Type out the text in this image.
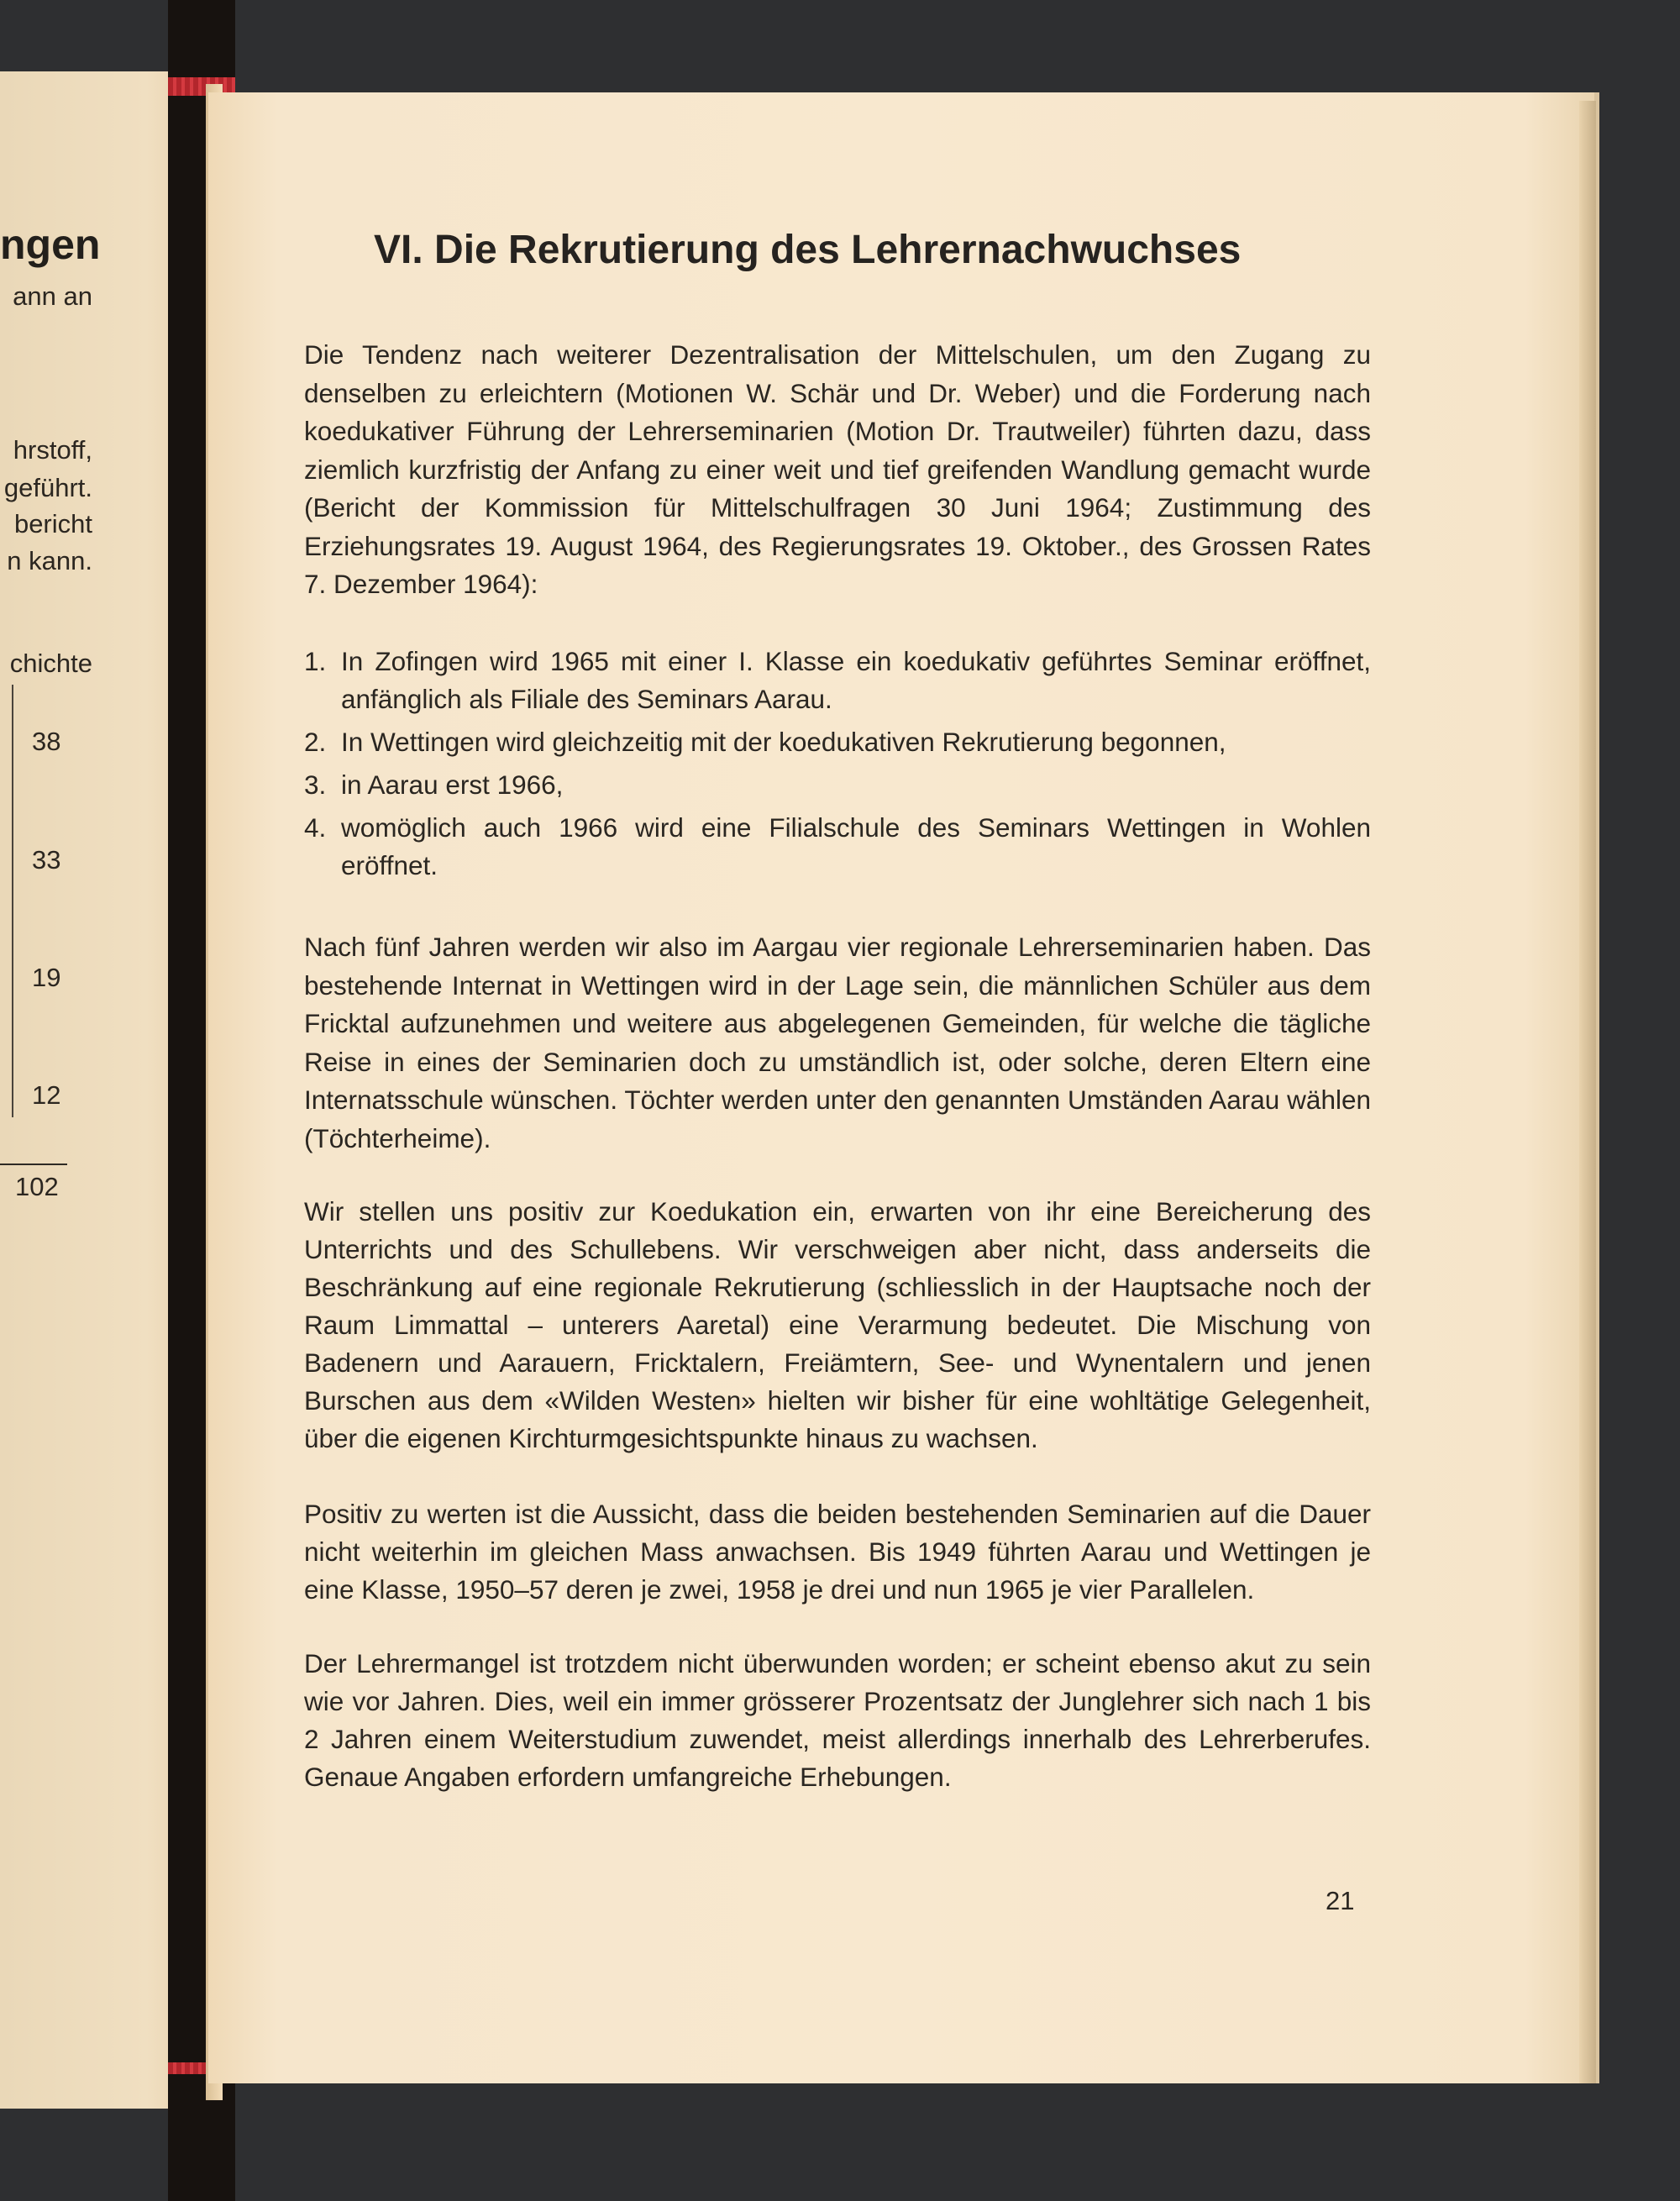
ngen
ann an
hrstoff,
geführt.
bericht
n kann.
chichte
38
33
19
12
102
VI. Die Rekrutierung des Lehrernachwuchses

Die Tendenz nach weiterer Dezentralisation der Mittelschulen, um den Zugang zu denselben zu erleichtern (Motionen W. Schär und Dr. Weber) und die Forderung nach koedukativer Führung der Lehrerseminarien (Motion Dr. Trautweiler) führten dazu, dass ziemlich kurzfristig der Anfang zu einer weit und tief greifenden Wandlung gemacht wurde (Bericht der Kommission für Mittelschulfragen 30 Juni 1964; Zustimmung des Erziehungsrates 19. August 1964, des Regierungsrates 19. Oktober., des Grossen Rates 7. Dezember 1964):

1. In Zofingen wird 1965 mit einer I. Klasse ein koedukativ geführtes Seminar eröffnet, anfänglich als Filiale des Seminars Aarau.
2. In Wettingen wird gleichzeitig mit der koedukativen Rekrutierung begonnen,
3. in Aarau erst 1966,
4. womöglich auch 1966 wird eine Filialschule des Seminars Wettingen in Wohlen eröffnet.

Nach fünf Jahren werden wir also im Aargau vier regionale Lehrerseminarien haben. Das bestehende Internat in Wettingen wird in der Lage sein, die männlichen Schüler aus dem Fricktal aufzunehmen und weitere aus abgelegenen Gemeinden, für welche die tägliche Reise in eines der Seminarien doch zu umständlich ist, oder solche, deren Eltern eine Internatsschule wünschen. Töchter werden unter den genannten Umständen Aarau wählen (Töchterheime).

Wir stellen uns positiv zur Koedukation ein, erwarten von ihr eine Bereicherung des Unterrichts und des Schullebens. Wir verschweigen aber nicht, dass anderseits die Beschränkung auf eine regionale Rekrutierung (schliesslich in der Hauptsache noch der Raum Limmattal – unterers Aaretal) eine Verarmung bedeutet. Die Mischung von Badenern und Aarauern, Fricktalern, Freiämtern, See- und Wynentalern und jenen Burschen aus dem «Wilden Westen» hielten wir bisher für eine wohltätige Gelegenheit, über die eigenen Kirchturmgesichtspunkte hinaus zu wachsen.

Positiv zu werten ist die Aussicht, dass die beiden bestehenden Seminarien auf die Dauer nicht weiterhin im gleichen Mass anwachsen. Bis 1949 führten Aarau und Wettingen je eine Klasse, 1950–57 deren je zwei, 1958 je drei und nun 1965 je vier Parallelen.

Der Lehrermangel ist trotzdem nicht überwunden worden; er scheint ebenso akut zu sein wie vor Jahren. Dies, weil ein immer grösserer Prozentsatz der Junglehrer sich nach 1 bis 2 Jahren einem Weiterstudium zuwendet, meist allerdings innerhalb des Lehrerberufes. Genaue Angaben erfordern umfangreiche Erhebungen.

21
